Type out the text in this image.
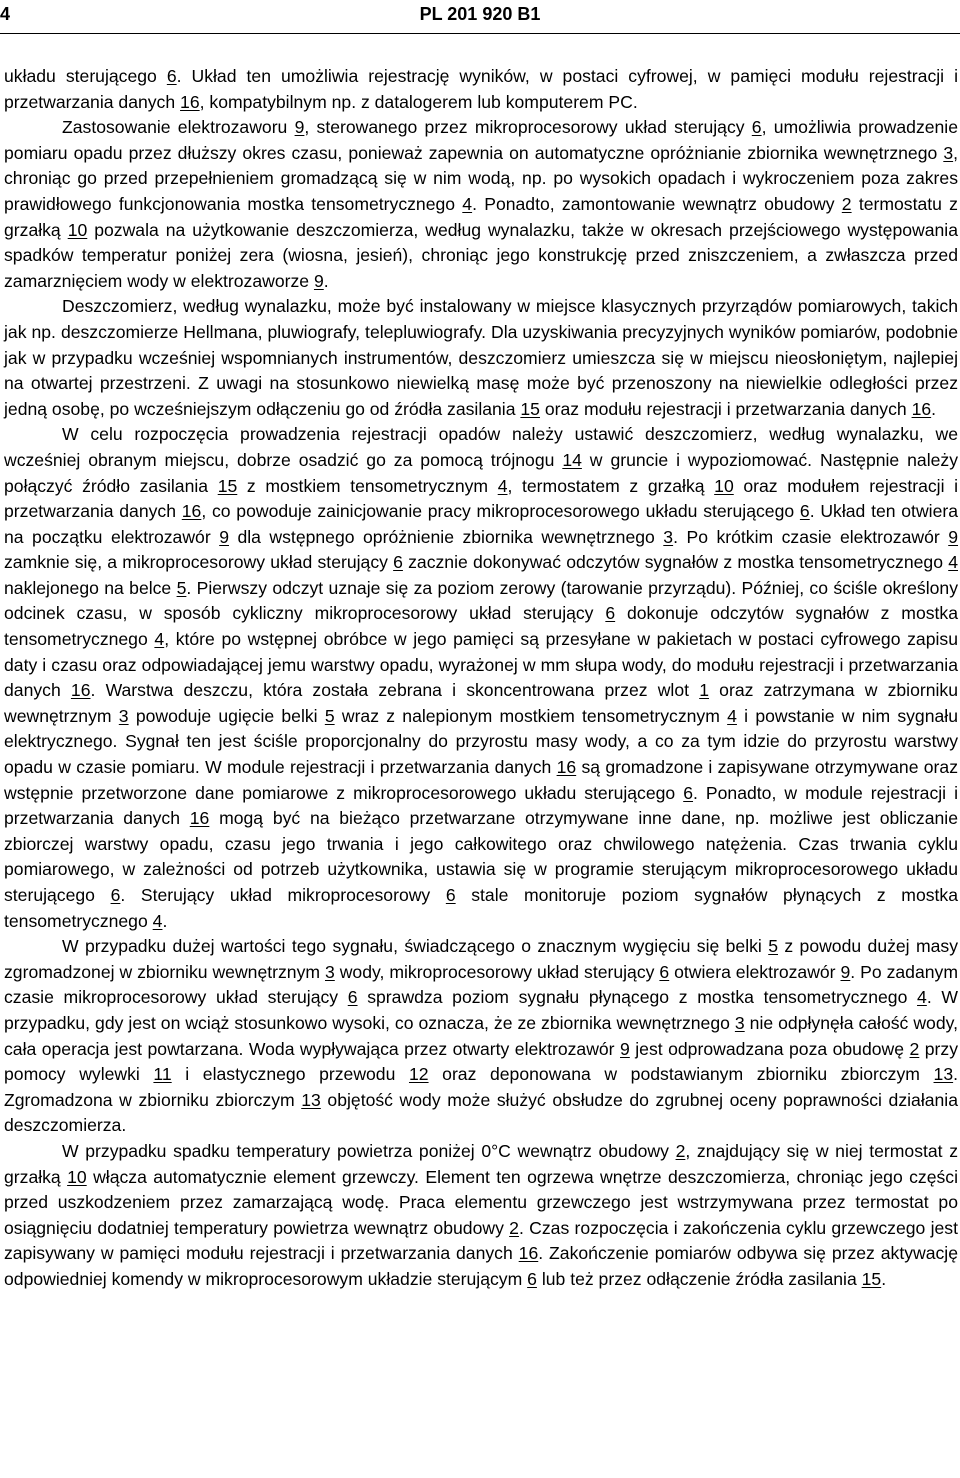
4	PL 201 920 B1

układu sterującego 6. Układ ten umożliwia rejestrację wyników, w postaci cyfrowej, w pamięci modułu rejestracji i przetwarzania danych 16, kompatybilnym np. z datalogerem lub komputerem PC.

Zastosowanie elektrozaworu 9, sterowanego przez mikroprocesorowy układ sterujący 6, umożliwia prowadzenie pomiaru opadu przez dłuższy okres czasu, ponieważ zapewnia on automatyczne opróżnianie zbiornika wewnętrznego 3, chroniąc go przed przepełnieniem gromadzącą się w nim wodą, np. po wysokich opadach i wykroczeniem poza zakres prawidłowego funkcjonowania mostka tensometrycznego 4. Ponadto, zamontowanie wewnątrz obudowy 2 termostatu z grzałką 10 pozwala na użytkowanie deszczomierza, według wynalazku, także w okresach przejściowego występowania spadków temperatur poniżej zera (wiosna, jesień), chroniąc jego konstrukcję przed zniszczeniem, a zwłaszcza przed zamarznięciem wody w elektrozaworze 9.

Deszczomierz, według wynalazku, może być instalowany w miejsce klasycznych przyrządów pomiarowych, takich jak np. deszczomierze Hellmana, pluwiografy, telepluwiografy. Dla uzyskiwania precyzyjnych wyników pomiarów, podobnie jak w przypadku wcześniej wspomnianych instrumentów, deszczomierz umieszcza się w miejscu nieosłoniętym, najlepiej na otwartej przestrzeni. Z uwagi na stosunkowo niewielką masę może być przenoszony na niewielkie odległości przez jedną osobę, po wcześniejszym odłączeniu go od źródła zasilania 15 oraz modułu rejestracji i przetwarzania danych 16.

W celu rozpoczęcia prowadzenia rejestracji opadów należy ustawić deszczomierz, według wynalazku, we wcześniej obranym miejscu, dobrze osadzić go za pomocą trójnogu 14 w gruncie i wypoziomować. Następnie należy połączyć źródło zasilania 15 z mostkiem tensometrycznym 4, termostatem z grzałką 10 oraz modułem rejestracji i przetwarzania danych 16, co powoduje zainicjowanie pracy mikroprocesorowego układu sterującego 6. Układ ten otwiera na początku elektrozawór 9 dla wstępnego opróżnienie zbiornika wewnętrznego 3. Po krótkim czasie elektrozawór 9 zamknie się, a mikroprocesorowy układ sterujący 6 zacznie dokonywać odczytów sygnałów z mostka tensometrycznego 4 naklejonego na belce 5. Pierwszy odczyt uznaje się za poziom zerowy (tarowanie przyrządu). Później, co ściśle określony odcinek czasu, w sposób cykliczny mikroprocesorowy układ sterujący 6 dokonuje odczytów sygnałów z mostka tensometrycznego 4, które po wstępnej obróbce w jego pamięci są przesyłane w pakietach w postaci cyfrowego zapisu daty i czasu oraz odpowiadającej jemu warstwy opadu, wyrażonej w mm słupa wody, do modułu rejestracji i przetwarzania danych 16. Warstwa deszczu, która została zebrana i skoncentrowana przez wlot 1 oraz zatrzymana w zbiorniku wewnętrznym 3 powoduje ugięcie belki 5 wraz z nalepionym mostkiem tensometrycznym 4 i powstanie w nim sygnału elektrycznego. Sygnał ten jest ściśle proporcjonalny do przyrostu masy wody, a co za tym idzie do przyrostu warstwy opadu w czasie pomiaru. W module rejestracji i przetwarzania danych 16 są gromadzone i zapisywane otrzymywane oraz wstępnie przetworzone dane pomiarowe z mikroprocesorowego układu sterującego 6. Ponadto, w module rejestracji i przetwarzania danych 16 mogą być na bieżąco przetwarzane otrzymywane inne dane, np. możliwe jest obliczanie zbiorczej warstwy opadu, czasu jego trwania i jego całkowitego oraz chwilowego natężenia. Czas trwania cyklu pomiarowego, w zależności od potrzeb użytkownika, ustawia się w programie sterującym mikroprocesorowego układu sterującego 6. Sterujący układ mikroprocesorowy 6 stale monitoruje poziom sygnałów płynących z mostka tensometrycznego 4.

W przypadku dużej wartości tego sygnału, świadczącego o znacznym wygięciu się belki 5 z powodu dużej masy zgromadzonej w zbiorniku wewnętrznym 3 wody, mikroprocesorowy układ sterujący 6 otwiera elektrozawór 9. Po zadanym czasie mikroprocesorowy układ sterujący 6 sprawdza poziom sygnału płynącego z mostka tensometrycznego 4. W przypadku, gdy jest on wciąż stosunkowo wysoki, co oznacza, że ze zbiornika wewnętrznego 3 nie odpłynęła całość wody, cała operacja jest powtarzana. Woda wypływająca przez otwarty elektrozawór 9 jest odprowadzana poza obudowę 2 przy pomocy wylewki 11 i elastycznego przewodu 12 oraz deponowana w podstawianym zbiorniku zbiorczym 13. Zgromadzona w zbiorniku zbiorczym 13 objętość wody może służyć obsłudze do zgrubnej oceny poprawności działania deszczomierza.

W przypadku spadku temperatury powietrza poniżej 0°C wewnątrz obudowy 2, znajdujący się w niej termostat z grzałką 10 włącza automatycznie element grzewczy. Element ten ogrzewa wnętrze deszczomierza, chroniąc jego części przed uszkodzeniem przez zamarzającą wodę. Praca elementu grzewczego jest wstrzymywana przez termostat po osiągnięciu dodatniej temperatury powietrza wewnątrz obudowy 2. Czas rozpoczęcia i zakończenia cyklu grzewczego jest zapisywany w pamięci modułu rejestracji i przetwarzania danych 16. Zakończenie pomiarów odbywa się przez aktywację odpowiedniej komendy w mikroprocesorowym układzie sterującym 6 lub też przez odłączenie źródła zasilania 15.
